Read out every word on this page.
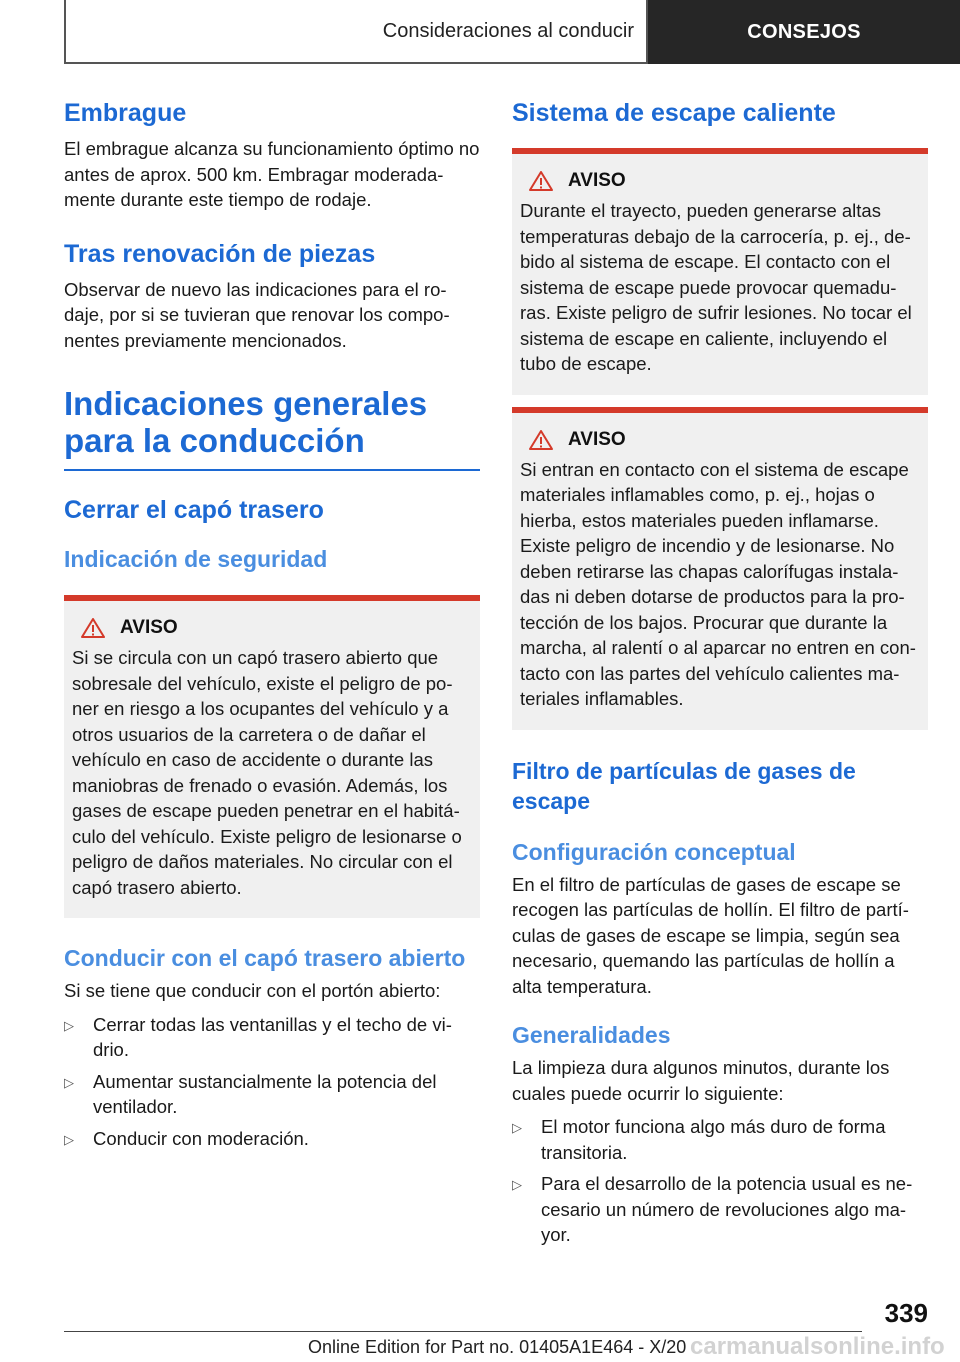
Consideraciones al conducir	CONSEJOS
Embrague

El embrague alcanza su funcionamiento óptimo no antes de aprox. 500 km. Embragar moderada‐mente durante este tiempo de rodaje.

Tras renovación de piezas

Observar de nuevo las indicaciones para el ro‐daje, por si se tuvieran que renovar los compo‐nentes previamente mencionados.

Indicaciones generales
para la conducción
Cerrar el capó trasero
Indicación de seguridad
AVISO

Si se circula con un capó trasero abierto que sobresale del vehículo, existe el peligro de po‐ner en riesgo a los ocupantes del vehículo y a otros usuarios de la carretera o de dañar el vehículo en caso de accidente o durante las maniobras de frenado o evasión. Además, los gases de escape pueden penetrar en el habitá‐culo del vehículo. Existe peligro de lesionarse o peligro de daños materiales. No circular con el capó trasero abierto.

Conducir con el capó trasero abierto

Si se tiene que conducir con el portón abierto:

▷ Cerrar todas las ventanillas y el techo de vi‐drio.
▷ Aumentar sustancialmente la potencia del ventilador.
▷ Conducir con moderación.
Sistema de escape caliente
AVISO

Durante el trayecto, pueden generarse altas temperaturas debajo de la carrocería, p. ej., de‐bido al sistema de escape. El contacto con el sistema de escape puede provocar quemadu‐ras. Existe peligro de sufrir lesiones. No tocar el sistema de escape en caliente, incluyendo el tubo de escape.

AVISO

Si entran en contacto con el sistema de escape materiales inflamables como, p. ej., hojas o hierba, estos materiales pueden inflamarse. Existe peligro de incendio y de lesionarse. No deben retirarse las chapas calorífugas instala‐das ni deben dotarse de productos para la pro‐tección de los bajos. Procurar que durante la marcha, al ralentí o al aparcar no entren en con‐tacto con las partes del vehículo calientes ma‐teriales inflamables.

Filtro de partículas de gases de escape
Configuración conceptual

En el filtro de partículas de gases de escape se recogen las partículas de hollín. El filtro de partí‐culas de gases de escape se limpia, según sea necesario, quemando las partículas de hollín a alta temperatura.

Generalidades

La limpieza dura algunos minutos, durante los cuales puede ocurrir lo siguiente:

▷ El motor funciona algo más duro de forma transitoria.
▷ Para el desarrollo de la potencia usual es ne‐cesario un número de revoluciones algo ma‐yor.
339
Online Edition for Part no. 01405A1E464 - X/20 carmanualsonline.info
